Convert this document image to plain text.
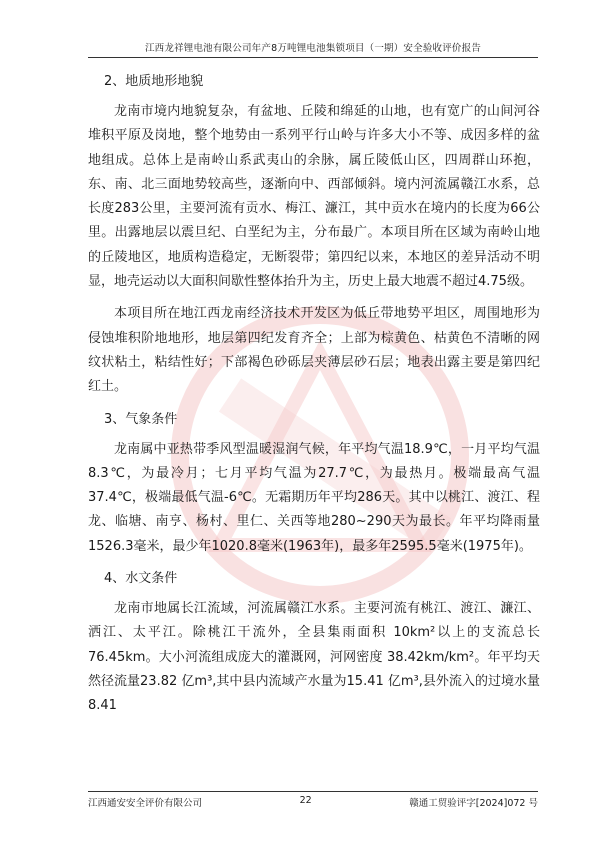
江西龙祥锂电池有限公司年产8万吨锂电池集锁项目（一期）安全验收评价报告
2、地质地形地貌

龙南市境内地貌复杂，有盆地、丘陵和绵延的山地，也有宽广的山间河谷堆积平原及岗地，整个地势由一系列平行山岭与许多大小不等、成因多样的盆地组成。总体上是南岭山系武夷山的余脉，属丘陵低山区，四周群山环抱，东、南、北三面地势较高些，逐渐向中、西部倾斜。境内河流属赣江水系，总长度283公里，主要河流有贡水、梅江、濂江，其中贡水在境内的长度为66公里。出露地层以震旦纪、白垩纪为主，分布最广。本项目所在区域为南岭山地的丘陵地区，地质构造稳定，无断裂带；第四纪以来，本地区的差异活动不明显，地壳运动以大面积间歇性整体抬升为主，历史上最大地震不超过4.75级。

本项目所在地江西龙南经济技术开发区为低丘带地势平坦区，周围地形为侵蚀堆积阶地地形，地层第四纪发育齐全；上部为棕黄色、枯黄色不清晰的网纹状粘土，粘结性好；下部褐色砂砾层夹薄层砂石层；地表出露主要是第四纪红土。

3、气象条件

龙南属中亚热带季风型温暖湿润气候，年平均气温18.9℃，一月平均气温8.3℃，为最冷月；七月平均气温为27.7℃，为最热月。极端最高气温37.4℃，极端最低气温-6℃。无霜期历年平均286天。其中以桃江、渡江、程龙、临塘、南亨、杨村、里仁、关西等地280~290天为最长。年平均降雨量1526.3毫米，最少年1020.8毫米(1963年)，最多年2595.5毫米(1975年)。

4、水文条件

龙南市地属长江流域，河流属赣江水系。主要河流有桃江、渡江、濂江、洒江、太平江。除桃江干流外，全县集雨面积 10km²以上的支流总长76.45km。大小河流组成庞大的灌溉网，河网密度 38.42km/km²。年平均天然径流量23.82 亿m³,其中县内流域产水量为15.41 亿m³,县外流入的过境水量 8.41

江西通安安全评价有限公司	22	赣通工贸验评字[2024]072 号
